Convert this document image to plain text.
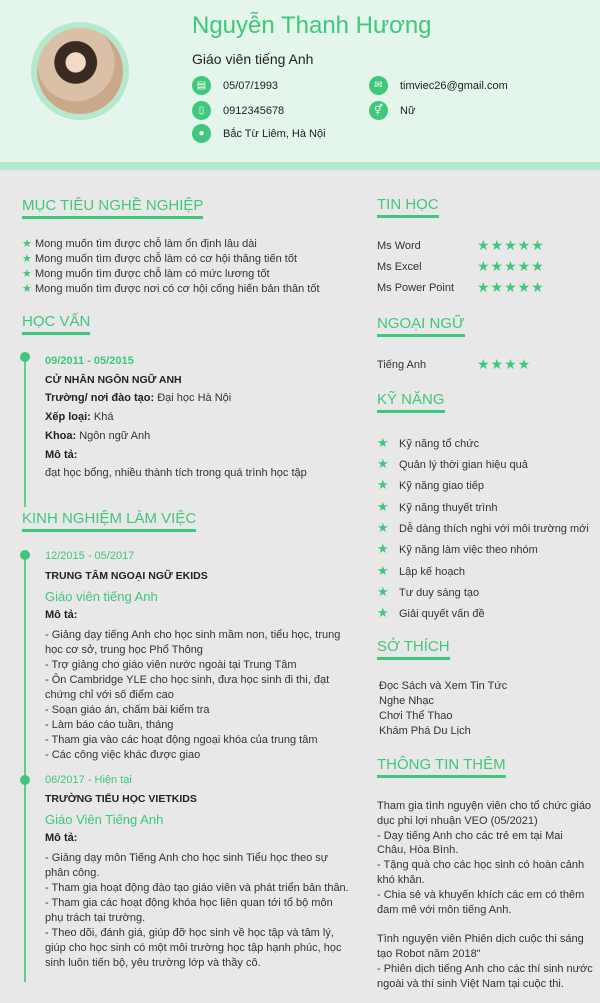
Nguyễn Thanh Hương
Giáo viên tiếng Anh
▤	05/07/1993
▯	0912345678
●	Bắc Từ Liêm, Hà Nội
✉	timviec26@gmail.com
⚥	Nữ
MỤC TIÊU NGHỀ NGHIỆP
★ Mong muốn tìm được chỗ làm ổn định lâu dài
★ Mong muốn tìm được chỗ làm có cơ hội thăng tiến tốt
★ Mong muốn tìm được chỗ làm có mức lương tốt
★ Mong muốn tìm được nơi có cơ hội cống hiến bản thân tốt
HỌC VẤN
09/2011 - 05/2015
CỬ NHÂN NGÔN NGỮ ANH
Trường/ nơi đào tạo: Đại học Hà Nội
Xếp loại: Khá
Khoa: Ngôn ngữ Anh
Mô tả:
đạt học bổng, nhiều thành tích trong quá trình học tập
KINH NGHIỆM LÀM VIỆC
12/2015 - 05/2017
TRUNG TÂM NGOẠI NGỮ EKIDS
Giáo viên tiếng Anh
Mô tả:
- Giảng dạy tiếng Anh cho học sinh mầm non, tiểu học, trung học cơ sở, trung học Phổ Thông
- Trợ giảng cho giáo viên nước ngoài tại Trung Tâm
- Ôn Cambridge YLE cho học sinh, đưa học sinh đi thi, đạt chứng chỉ với số điểm cao
- Soạn giáo án, chấm bài kiểm tra
- Làm báo cáo tuần, tháng
- Tham gia vào các hoạt động ngoại khóa của trung tâm
- Các công việc khác được giao
06/2017 - Hiện tại
TRƯỜNG TIỂU HỌC VIETKIDS
Giáo Viên Tiếng Anh
Mô tả:
- Giảng dạy môn Tiếng Anh cho học sinh Tiểu học theo sự phân công.
- Tham gia hoạt động đào tạo giáo viên và phát triển bản thân.
- Tham gia các hoạt động khóa học liên quan tới tổ bộ môn phụ trách tại trường.
- Theo dõi, đánh giá, giúp đỡ học sinh về học tập và tâm lý, giúp cho học sinh có một môi trường học tập hạnh phúc, học sinh luôn tiến bộ, yêu trường lớp và thầy cô.
TIN HỌC
Ms Word	★★★★★
Ms Excel	★★★★★
Ms Power Point ★★★★★
NGOẠI NGỮ
Tiếng Anh	★★★★
KỸ NĂNG
★ Kỹ năng tổ chức
★ Quản lý thời gian hiệu quả
★ Kỹ năng giao tiếp
★ Kỹ năng thuyết trình
★ Dễ dàng thích nghi với môi trường mới
★ Kỹ năng làm việc theo nhóm
★ Lập kế hoạch
★ Tư duy sáng tạo
★ Giải quyết vấn đề
SỞ THÍCH
Đọc Sách và Xem Tin Tức
Nghe Nhạc
Chơi Thể Thao
Khám Phá Du Lịch
THÔNG TIN THÊM
Tham gia tình nguyện viên cho tổ chức giáo dục phi lợi nhuận VEO (05/2021)
- Dạy tiếng Anh cho các trẻ em tại Mai Châu, Hòa Bình.
- Tặng quà cho các học sinh có hoàn cảnh khó khăn.
- Chia sẻ và khuyến khích các em có thêm đam mê với môn tiếng Anh.
Tình nguyện viên Phiên dịch cuộc thi sáng tạo Robot năm 2018"
- Phiên dịch tiếng Anh cho các thí sinh nước ngoài và thí sinh Việt Nam tại cuộc thi.
